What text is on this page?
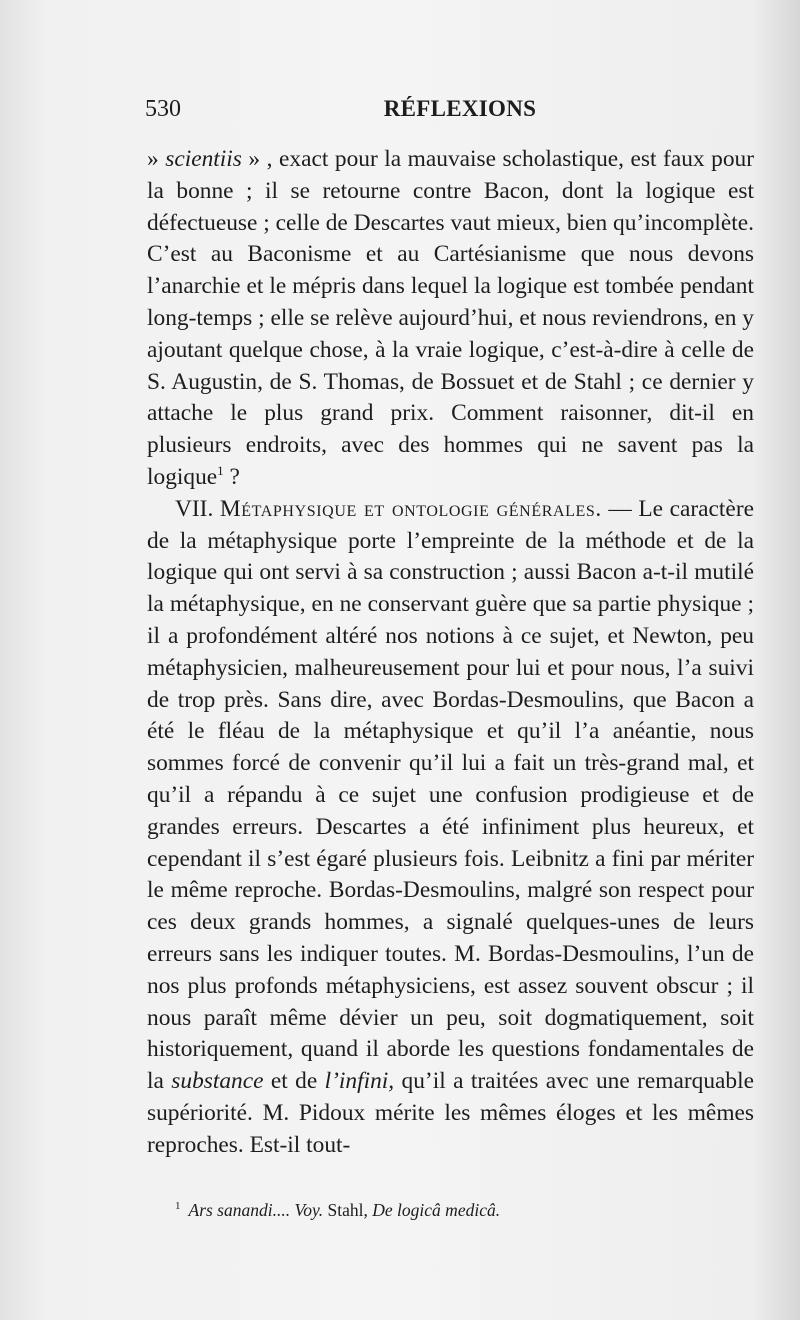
530	RÉFLEXIONS

» scientiis » , exact pour la mauvaise scholastique, est faux pour la bonne ; il se retourne contre Bacon, dont la logique est défectueuse ; celle de Descartes vaut mieux, bien qu’incomplète. C’est au Baconisme et au Cartésianisme que nous devons l’anarchie et le mépris dans lequel la logique est tombée pendant long-temps ; elle se relève aujourd’hui, et nous reviendrons, en y ajoutant quelque chose, à la vraie logique, c’est-à-dire à celle de S. Augustin, de S. Thomas, de Bossuet et de Stahl ; ce dernier y attache le plus grand prix. Comment raisonner, dit-il en plusieurs endroits, avec des hommes qui ne savent pas la logique$^1$ ?

VII. Métaphysique et ontologie générales. — Le caractère de la métaphysique porte l’empreinte de la méthode et de la logique qui ont servi à sa construction ; aussi Bacon a-t-il mutilé la métaphysique, en ne conservant guère que sa partie physique ; il a profondément altéré nos notions à ce sujet, et Newton, peu métaphysicien, malheureusement pour lui et pour nous, l’a suivi de trop près. Sans dire, avec Bordas-Desmoulins, que Bacon a été le fléau de la métaphysique et qu’il l’a anéantie, nous sommes forcé de convenir qu’il lui a fait un très-grand mal, et qu’il a répandu à ce sujet une confusion prodigieuse et de grandes erreurs. Descartes a été infiniment plus heureux, et cependant il s’est égaré plusieurs fois. Leibnitz a fini par mériter le même reproche. Bordas-Desmoulins, malgré son respect pour ces deux grands hommes, a signalé quelques-unes de leurs erreurs sans les indiquer toutes. M. Bordas-Desmoulins, l’un de nos plus profonds métaphysiciens, est assez souvent obscur ; il nous paraît même dévier un peu, soit dogmatiquement, soit historiquement, quand il aborde les questions fondamentales de la substance et de l’infini, qu’il a traitées avec une remarquable supériorité. M. Pidoux mérite les mêmes éloges et les mêmes reproches. Est-il tout-

$^1$ Ars sanandi.... Voy. Stahl, De logicâ medicâ.
